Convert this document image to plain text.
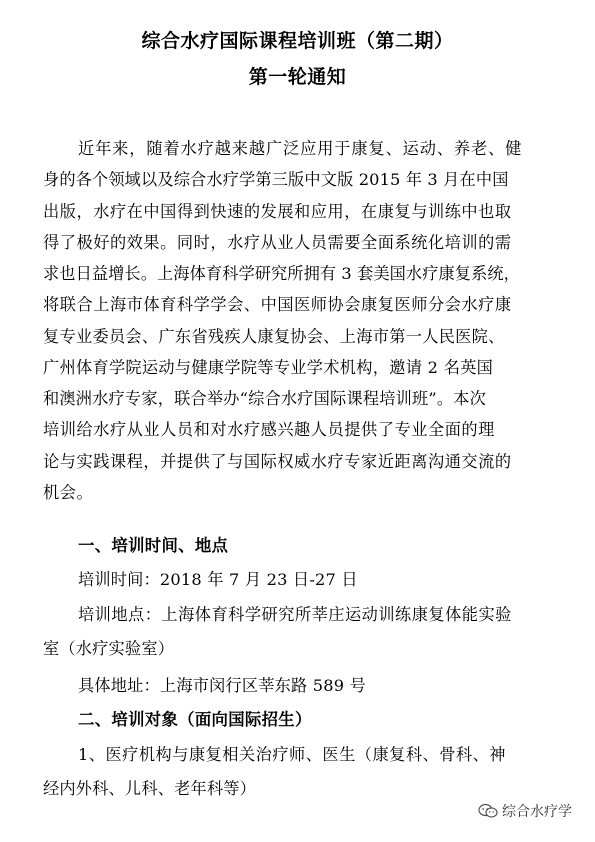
综合水疗国际课程培训班（第二期）
第一轮通知
近年来，随着水疗越来越广泛应用于康复、运动、养老、健
身的各个领域以及综合水疗学第三版中文版 2015 年 3 月在中国
出版，水疗在中国得到快速的发展和应用，在康复与训练中也取
得了极好的效果。同时，水疗从业人员需要全面系统化培训的需
求也日益增长。上海体育科学研究所拥有 3 套美国水疗康复系统，
将联合上海市体育科学学会、中国医师协会康复医师分会水疗康
复专业委员会、广东省残疾人康复协会、上海市第一人民医院、
广州体育学院运动与健康学院等专业学术机构，邀请 2 名英国
和澳洲水疗专家，联合举办“综合水疗国际课程培训班”。本次
培训给水疗从业人员和对水疗感兴趣人员提供了专业全面的理
论与实践课程，并提供了与国际权威水疗专家近距离沟通交流的
机会。
一、培训时间、地点
培训时间：2018 年 7 月 23 日-27 日
培训地点：上海体育科学研究所莘庄运动训练康复体能实验
室（水疗实验室）
具体地址：上海市闵行区莘东路 589 号
二、培训对象（面向国际招生）
1、医疗机构与康复相关治疗师、医生（康复科、骨科、神
经内外科、儿科、老年科等）
综合水疗学
